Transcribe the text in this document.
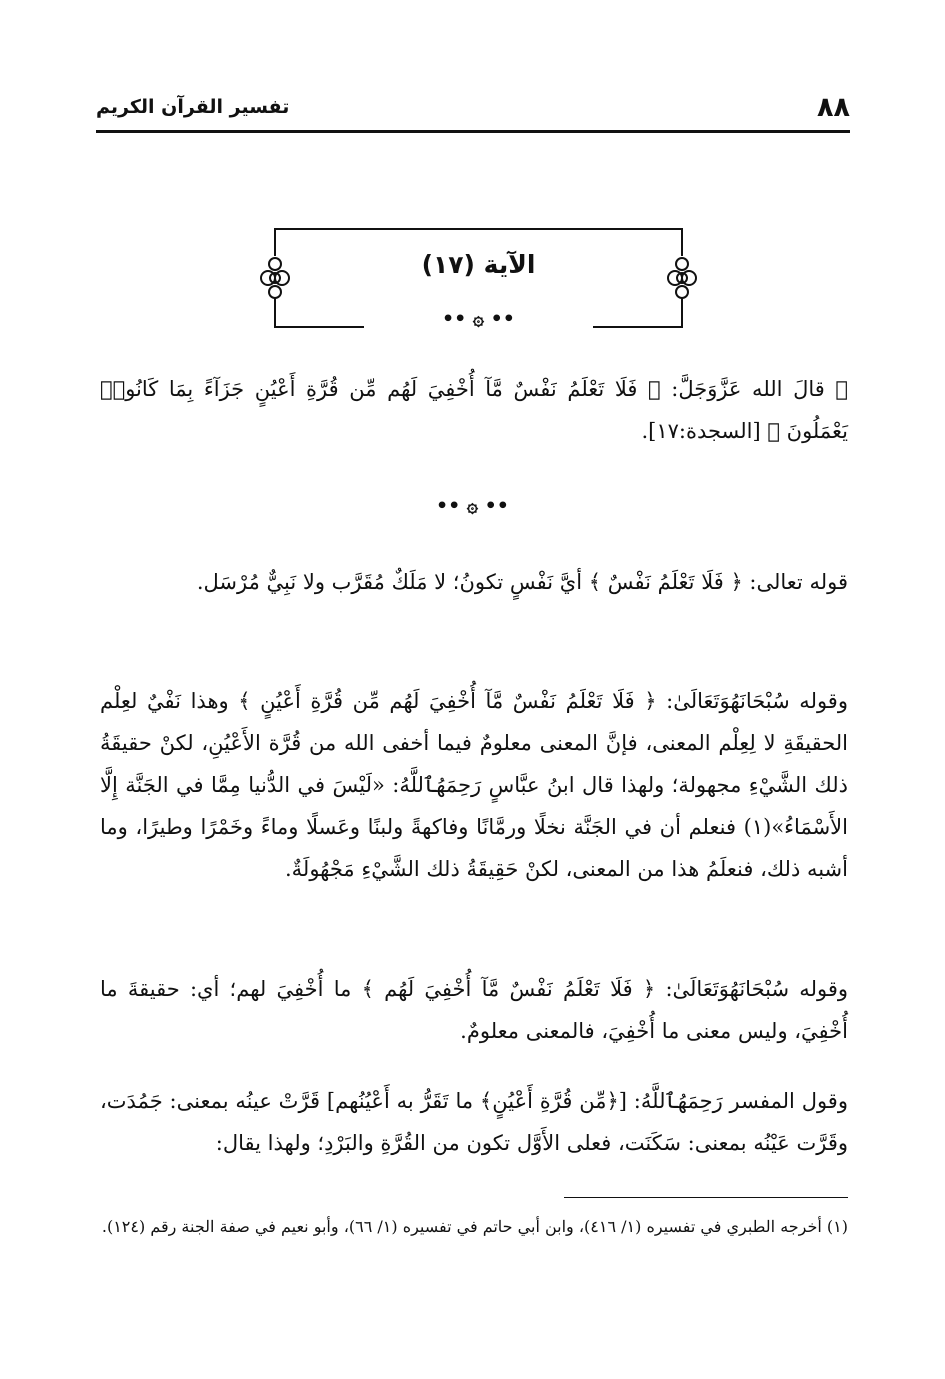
٨٨
تفسير القرآن الكريم
الآية (١٧)
•• ۞ ••
۞ قالَ الله عَزَّوَجَلَّ: ﴿ فَلَا تَعْلَمُ نَفْسٌ مَّآ أُخْفِيَ لَهُم مِّن قُرَّةِ أَعْيُنٍ جَزَآءً بِمَا كَانُوا۟ يَعْمَلُونَ ﴾ [السجدة:١٧].
•• ۞ ••
قوله تعالى: ﴿ فَلَا تَعْلَمُ نَفْسٌ ﴾ أيَّ نَفْسٍ تكونُ؛ لا مَلَكٌ مُقَرَّب ولا نَبِيٌّ مُرْسَل.
وقوله سُبْحَانَهُوَتَعَالَىٰ: ﴿ فَلَا تَعْلَمُ نَفْسٌ مَّآ أُخْفِيَ لَهُم مِّن قُرَّةِ أَعْيُنٍ ﴾ وهذا نَفْيٌ لعِلْم الحقيقَةِ لا لِعِلْم المعنى، فإنَّ المعنى معلومٌ فيما أخفى الله من قُرَّة الأَعْيُنِ، لكنْ حقيقَةُ ذلك الشَّيْءِ مجهولة؛ ولهذا قال ابنُ عبَّاسٍ رَحِمَهُٱللَّهُ: «لَيْسَ في الدُّنيا مِمَّا في الجَنَّة إِلَّا الأَسْمَاءُ»(١) فنعلم أن في الجَنَّة نخلًا ورمَّانًا وفاكهةً ولبنًا وعَسلًا وماءً وخَمْرًا وطيرًا، وما أشبه ذلك، فنعلَمُ هذا من المعنى، لكنْ حَقِيقَةُ ذلك الشَّيْءِ مَجْهُولَةٌ.
وقوله سُبْحَانَهُوَتَعَالَىٰ: ﴿ فَلَا تَعْلَمُ نَفْسٌ مَّآ أُخْفِيَ لَهُم ﴾ ما أُخْفِيَ لهم؛ أي: حقيقةَ ما أُخْفِيَ، وليس معنى ما أُخْفِيَ، فالمعنى معلومٌ.
وقول المفسر رَحِمَهُٱللَّهُ: [﴿مِّن قُرَّةِ أَعْيُنٍ﴾ ما تَقَرُّ به أَعْيُنُهم] قَرَّتْ عينُه بمعنى: جَمُدَت، وقَرَّت عَيْنُه بمعنى: سَكَنَت، فعلى الأَوَّل تكون من القُرَّةِ والبَرْدِ؛ ولهذا يقال:
(١) أخرجه الطبري في تفسيره (١/ ٤١٦)، وابن أبي حاتم في تفسيره (١/ ٦٦)، وأبو نعيم في صفة الجنة رقم (١٢٤).
